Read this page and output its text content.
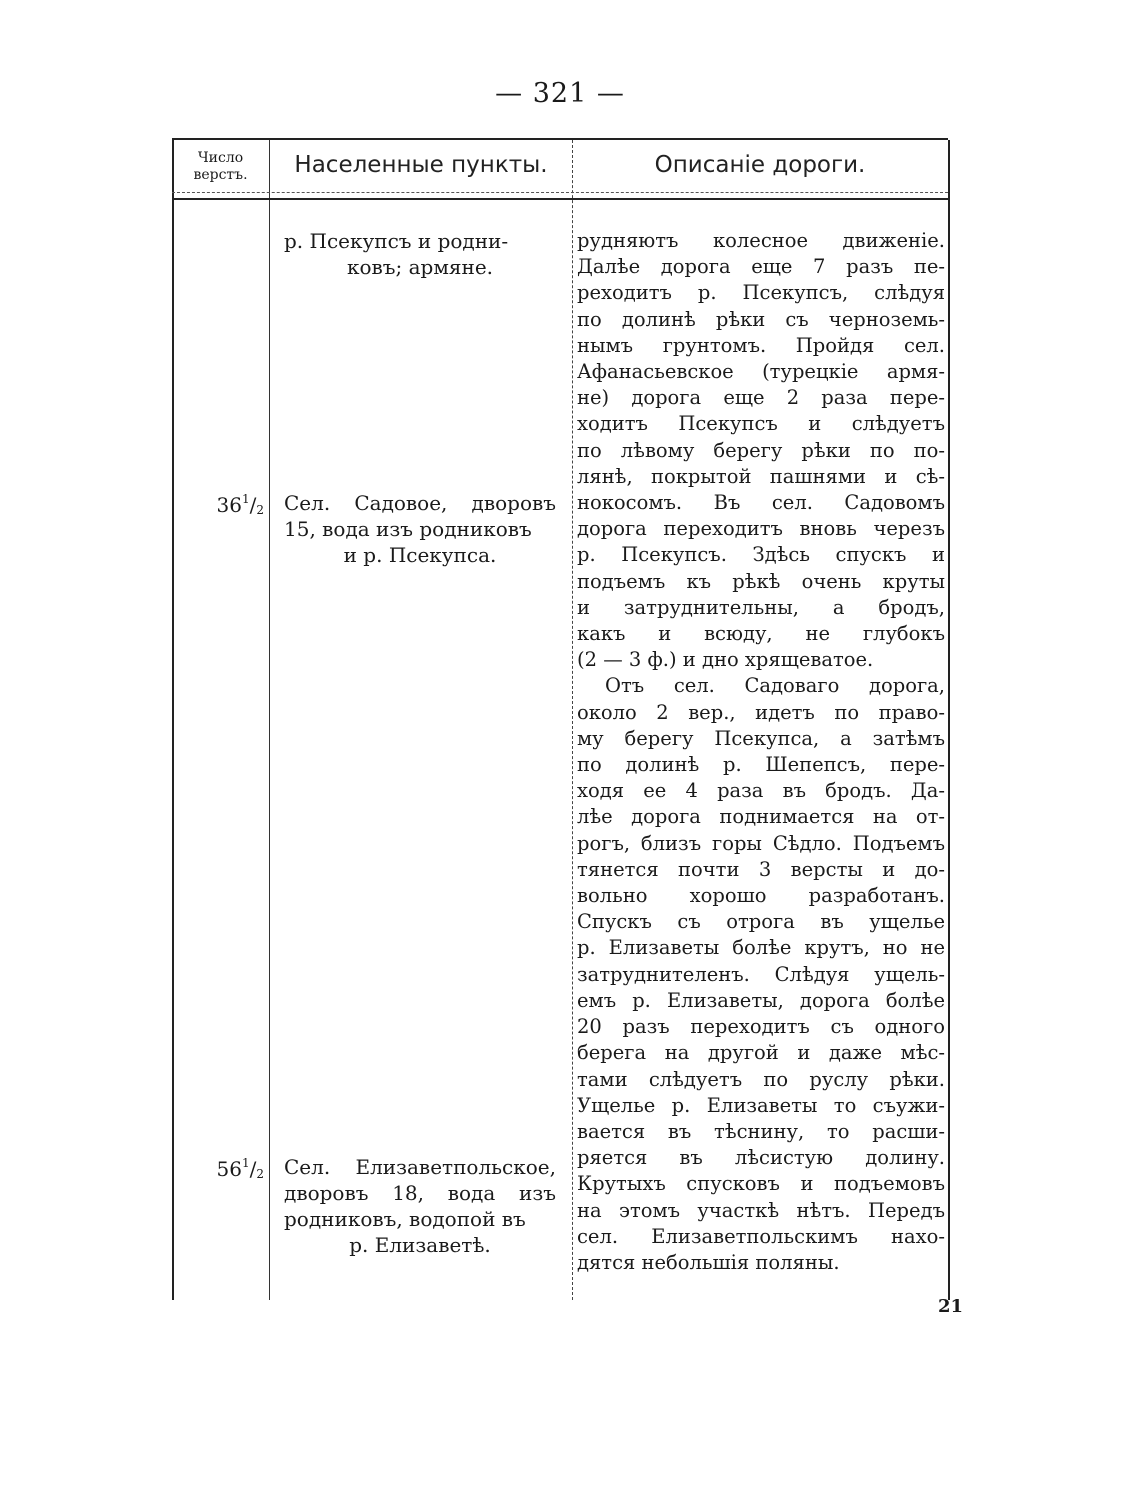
— 321 —
Число верстъ.	Населенные пункты.	Описаніе дороги.
р. Псекупсъ и родни-
ковъ; армяне.
$36^1/_2$ Сел. Садовое, дворовъ 15, вода изъ родниковъ
и р. Псекупса.
$56^1/_2$ Сел. Елизаветпольское, дворовъ 18, вода изъ родниковъ, водопой въ
р. Елизаветѣ.
рудняютъ колесное движеніе.
Далѣе дорога еще 7 разъ пе-
реходитъ р. Псекупсъ, слѣдуя
по долинѣ рѣки съ черноземь-
нымъ грунтомъ. Пройдя сел.
Афанасьевское (турецкіе армя-
не) дорога еще 2 раза пере-
ходитъ Псекупсъ и слѣдуетъ
по лѣвому берегу рѣки по по-
лянѣ, покрытой пашнями и сѣ-
нокосомъ. Въ сел. Садовомъ
дорога переходитъ вновь черезъ
р. Псекупсъ. Здѣсь спускъ и
подъемъ къ рѣкѣ очень круты
и затруднительны, а бродъ,
какъ и всюду, не глубокъ
(2 — 3 ф.) и дно хрящеватое.
Отъ сел. Садоваго дорога,
около 2 вер., идетъ по право-
му берегу Псекупса, а затѣмъ
по долинѣ р. Шепепсъ, пере-
ходя ее 4 раза въ бродъ. Да-
лѣе дорога поднимается на от-
рогъ, близъ горы Сѣдло. Подъемъ
тянется почти 3 версты и до-
вольно хорошо разработанъ.
Спускъ съ отрога въ ущелье
р. Елизаветы болѣе крутъ, но не
затруднителенъ. Слѣдуя ущель-
емъ р. Елизаветы, дорога болѣе
20 разъ переходитъ съ одного
берега на другой и даже мѣс-
тами слѣдуетъ по руслу рѣки.
Ущелье р. Елизаветы то съужи-
вается въ тѣснину, то расши-
ряется въ лѣсистую долину.
Крутыхъ спусковъ и подъемовъ
на этомъ участкѣ нѣтъ. Передъ
сел. Елизаветпольскимъ нахо-
дятся небольшія поляны.
21
